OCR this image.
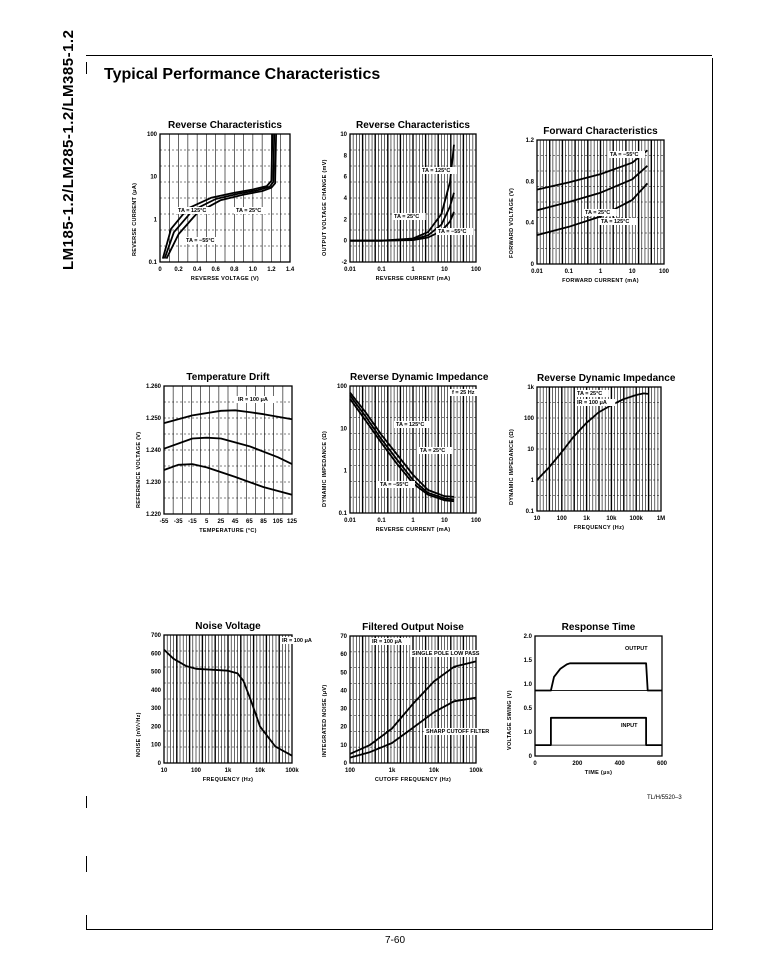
LM185-1.2/LM285-1.2/LM385-1.2 Typical Performance Characteristics
0.1
1
10
100
0 0.2 0.4 0.6 0.8 1.0 1.2 1.4
TA = 125°C	TA = 25°C
TA = −55°C
Reverse Characteristics
REVERSE VOLTAGE (V)
REVERSE CURRENT (μA)
-2
0
2
4
6
8
10
0.01	0.1	1	10	100
TA = 125°C
TA = 25°C
TA = −55°C
Reverse Characteristics
REVERSE CURRENT (mA)
OUTPUT VOLTAGE CHANGE (mV)
0
0.4
0.8
1.2
0.01	0.1	1	10	100
TA = −55°C
TA = 25°C
TA = 125°C
Forward Characteristics
FORWARD CURRENT (mA)
FORWARD VOLTAGE (V)
1.220
1.230
1.240
1.250
1.260
-55 -35 -15 5 25 45 65 85 105 125
IR = 100 μA
Temperature Drift
TEMPERATURE (°C)
REFERENCE VOLTAGE (V)
0.1
1
10
100
0.01	0.1	1	10	100
f = 25 Hz
TA = 125°C
TA = 25°C
TA = −55°C
Reverse Dynamic Impedance
REVERSE CURRENT (mA)
DYNAMIC IMPEDANCE (Ω)
0.1
1
10
100
1k
10	100	1k	10k 100k 1M
TA = 25°C
IR = 100 μA
Reverse Dynamic Impedance
FREQUENCY (Hz)
DYNAMIC IMPEDANCE (Ω)
0
100
200
300
400
500
600
700
10	100	1k	10k	100k
IR = 100 μA
Noise Voltage
FREQUENCY (Hz)
NOISE (nV/√Hz)
0
10
20
30
40
50
60
70
100	1k	10k	100k
IR = 100 μA
SINGLE POLE LOW PASS
SHARP CUTOFF FILTER
Filtered Output Noise
CUTOFF FREQUENCY (Hz)
INTEGRATED NOISE (μV)	0
1.0
0.5
1.0
1.5
2.0
0	200	400	600
OUTPUT
INPUT
Response Time
TIME (μs)
VOLTAGE SWING (V)
TL/H/5520–3
7-60
